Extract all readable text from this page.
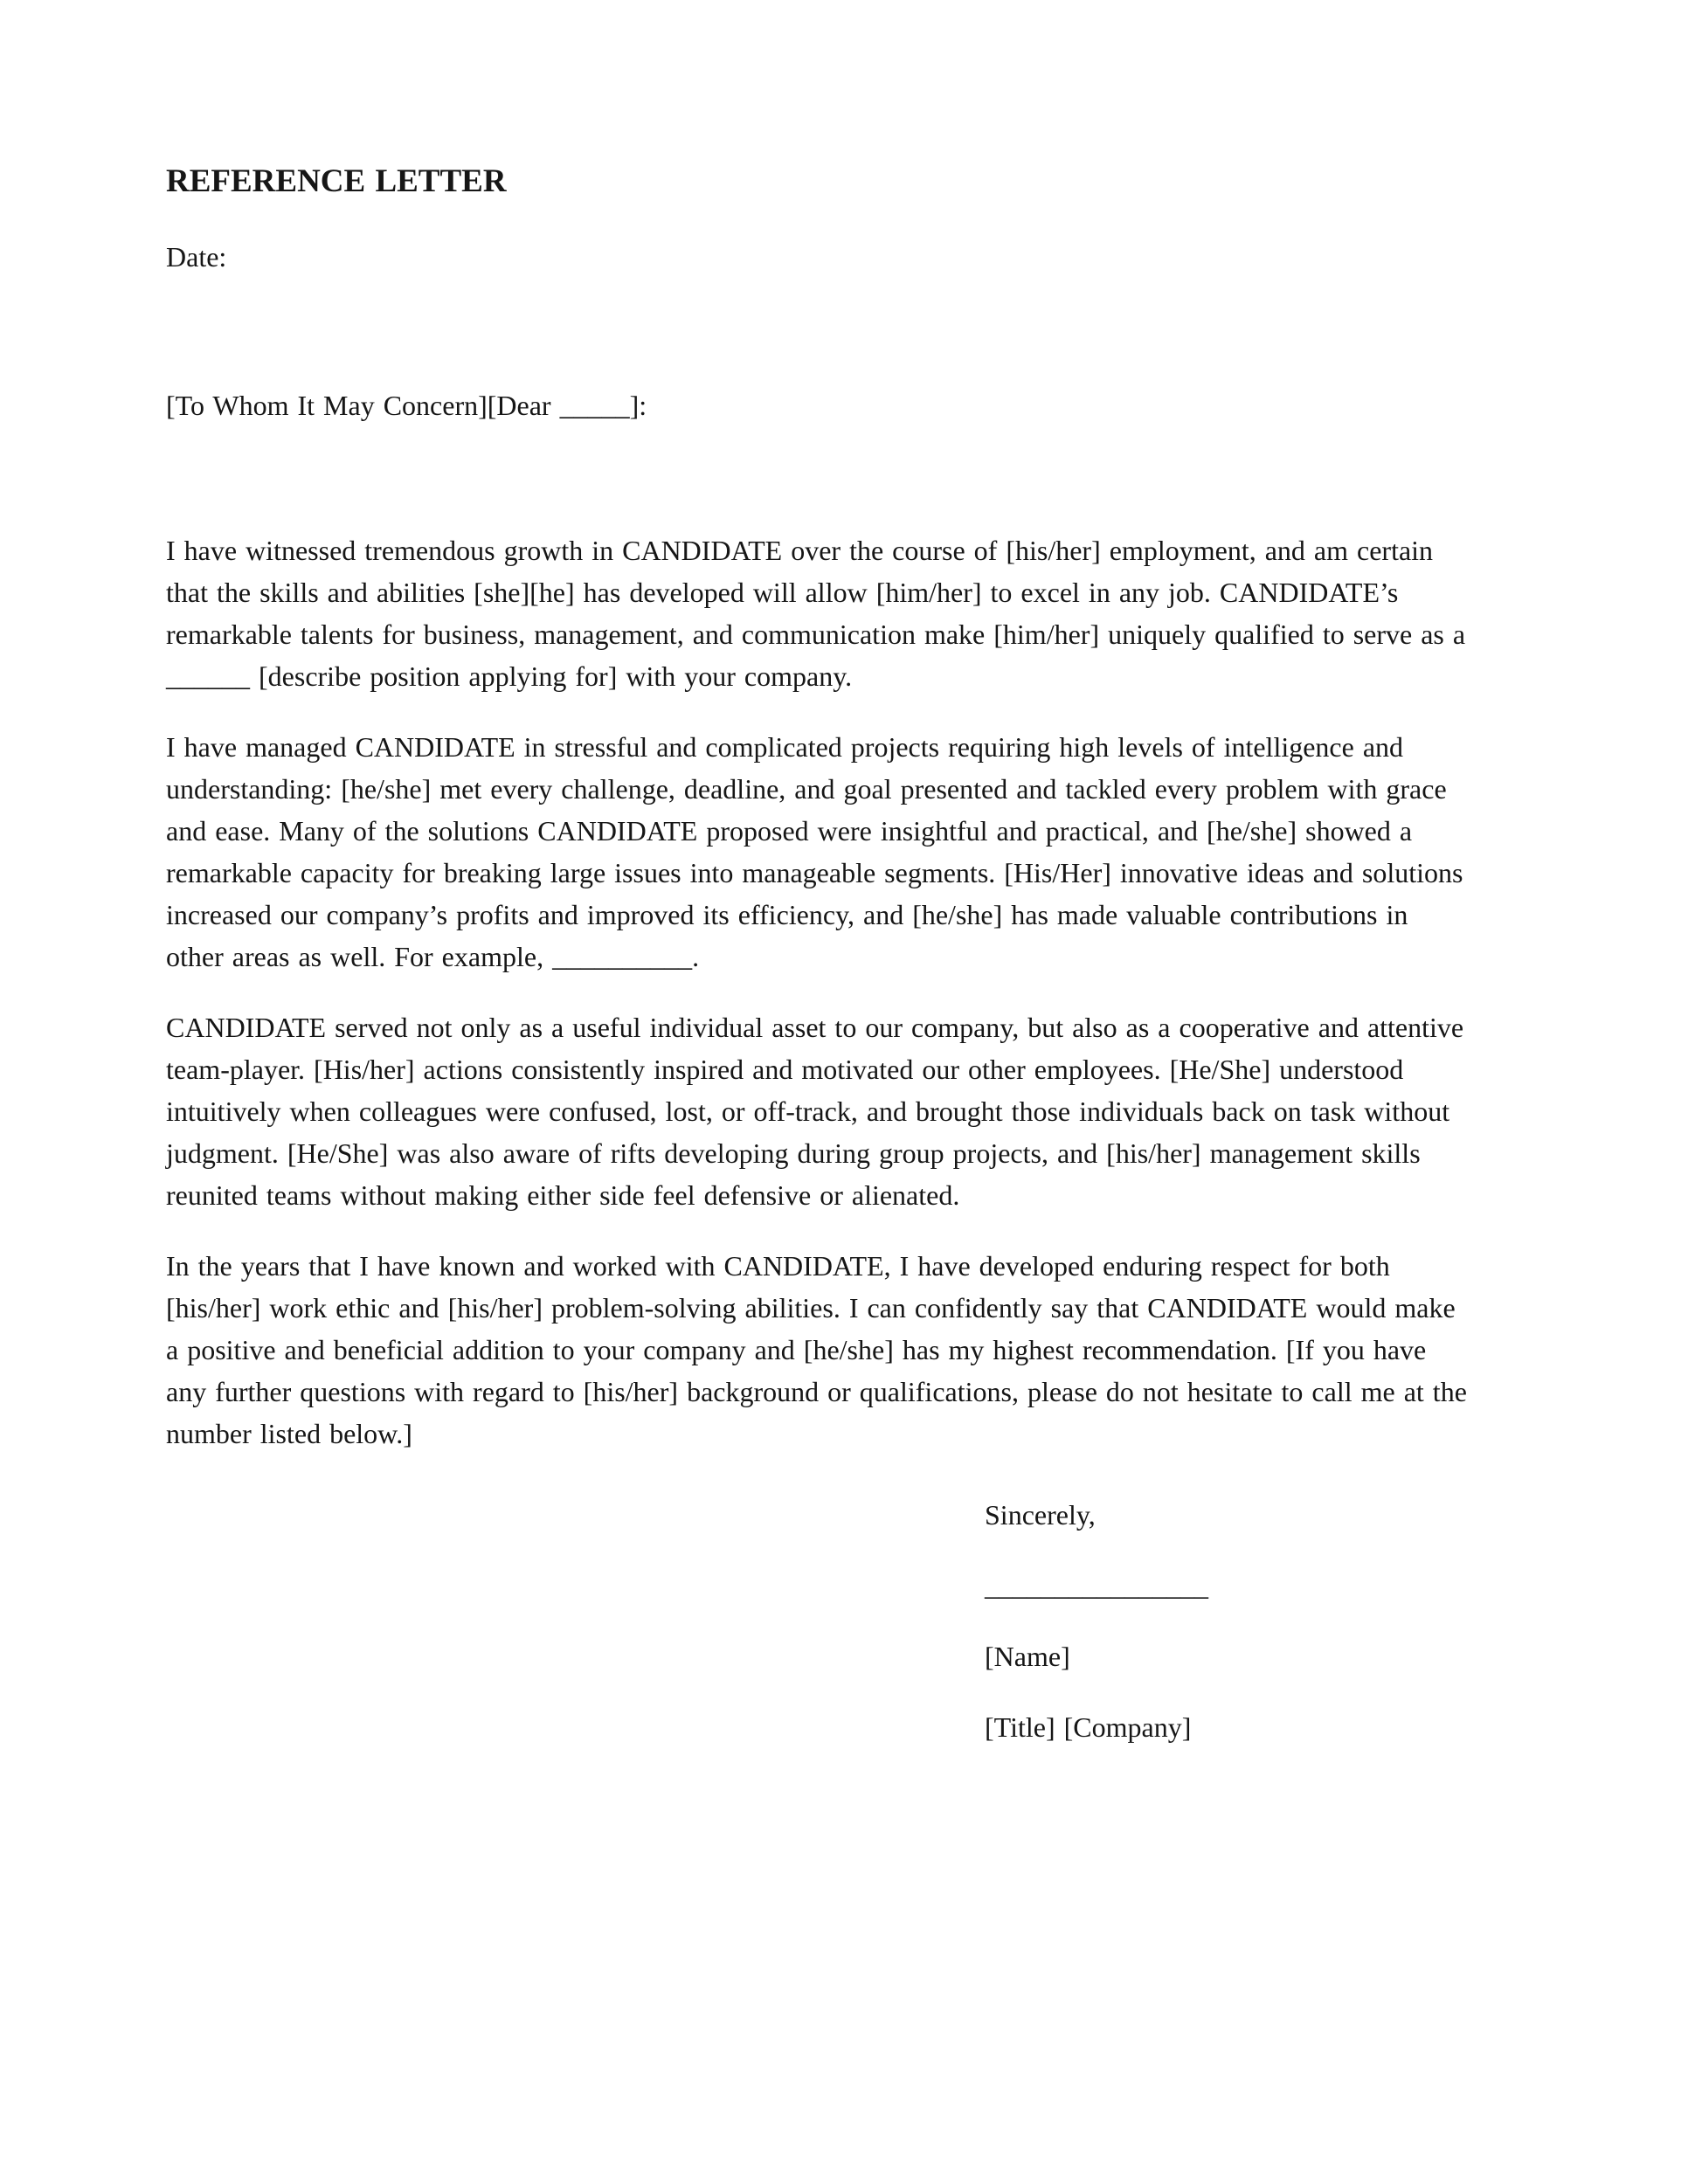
REFERENCE LETTER

Date:

[To Whom It May Concern][Dear _____]:

I have witnessed tremendous growth in CANDIDATE over the course of [his/her] employment, and am certain that the skills and abilities [she][he] has developed will allow [him/her] to excel in any job. CANDIDATE’s remarkable talents for business, management, and communication make [him/her] uniquely qualified to serve as a ______ [describe position applying for] with your company.

I have managed CANDIDATE in stressful and complicated projects requiring high levels of intelligence and understanding: [he/she] met every challenge, deadline, and goal presented and tackled every problem with grace and ease. Many of the solutions CANDIDATE proposed were insightful and practical, and [he/she] showed a remarkable capacity for breaking large issues into manageable segments. [His/Her] innovative ideas and solutions increased our company’s profits and improved its efficiency, and [he/she] has made valuable contributions in other areas as well. For example, __________.

CANDIDATE served not only as a useful individual asset to our company, but also as a cooperative and attentive team-player. [His/her] actions consistently inspired and motivated our other employees. [He/She] understood intuitively when colleagues were confused, lost, or off-track, and brought those individuals back on task without judgment. [He/She] was also aware of rifts developing during group projects, and [his/her] management skills reunited teams without making either side feel defensive or alienated.

In the years that I have known and worked with CANDIDATE, I have developed enduring respect for both [his/her] work ethic and [his/her] problem-solving abilities. I can confidently say that CANDIDATE would make a positive and beneficial addition to your company and [he/she] has my highest recommendation. [If you have any further questions with regard to [his/her] background or qualifications, please do not hesitate to call me at the number listed below.]

Sincerely,

________________

[Name]

[Title] [Company]
